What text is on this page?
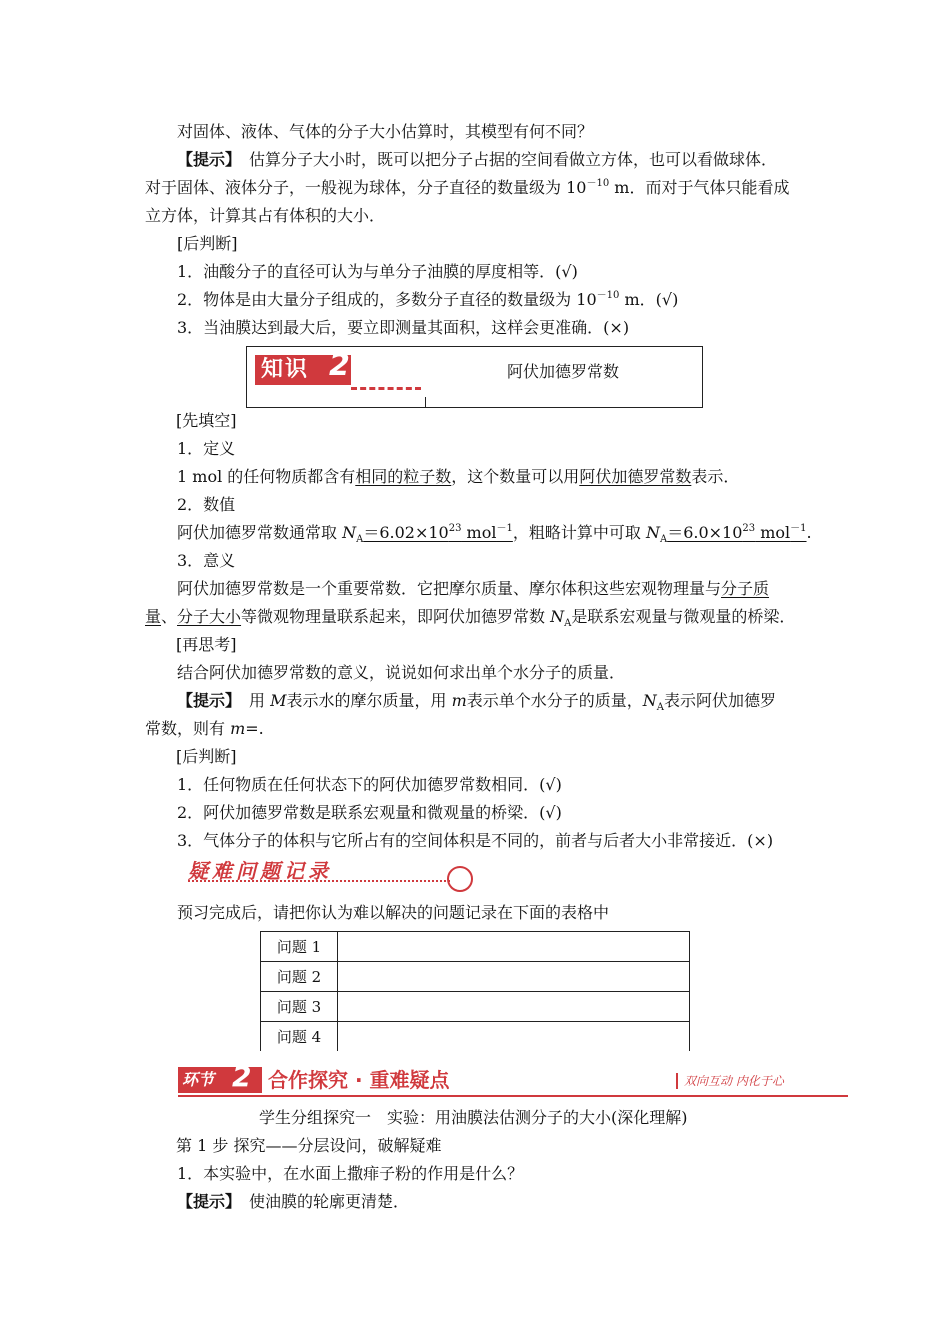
对固体、液体、气体的分子大小估算时，其模型有何不同？
【提示】　估算分子大小时，既可以把分子占据的空间看做立方体，也可以看做球体．
对于固体、液体分子，一般视为球体，分子直径的数量级为 $10^{-10}$ m．而对于气体只能看成
立方体，计算其占有体积的大小．
[后判断]
1．油酸分子的直径可认为与单分子油膜的厚度相等．(√)
2．物体是由大量分子组成的，多数分子直径的数量级为 $10^{-10}$ m．(√)
3．当油膜达到最大后，要立即测量其面积，这样会更准确．(×)
知识 2	阿伏加德罗常数
[先填空]
1．定义
1 mol 的任何物质都含有相同的粒子数，这个数量可以用阿伏加德罗常数表示．
2．数值
阿伏加德罗常数通常取 $N_A=6.02\times 10^{23}$ mol$^{-1}$，粗略计算中可取 $N_A=6.0\times 10^{23}$ mol$^{-1}$.
3．意义
阿伏加德罗常数是一个重要常数．它把摩尔质量、摩尔体积这些宏观物理量与分子质
量、分子大小等微观物理量联系起来，即阿伏加德罗常数 $N_A$是联系宏观量与微观量的桥梁．
[再思考]
结合阿伏加德罗常数的意义，说说如何求出单个水分子的质量．
【提示】　用 M表示水的摩尔质量，用 m表示单个水分子的质量，$N_A$表示阿伏加德罗
常数，则有 m=.
[后判断]
1．任何物质在任何状态下的阿伏加德罗常数相同．(√)
2．阿伏加德罗常数是联系宏观量和微观量的桥梁．(√)
3．气体分子的体积与它所占有的空间体积是不同的，前者与后者大小非常接近．(×)
疑难问题记录
预习完成后，请把你认为难以解决的问题记录在下面的表格中
问题 1	
问题 2	
问题 3	
问题 4	
环节 2 合作探究 · 重难疑点	双向互动 内化于心
学生分组探究一　实验：用油膜法估测分子的大小(深化理解)
第 1 步 探究——分层设问，破解疑难
1．本实验中，在水面上撒痱子粉的作用是什么？
【提示】　使油膜的轮廓更清楚．
